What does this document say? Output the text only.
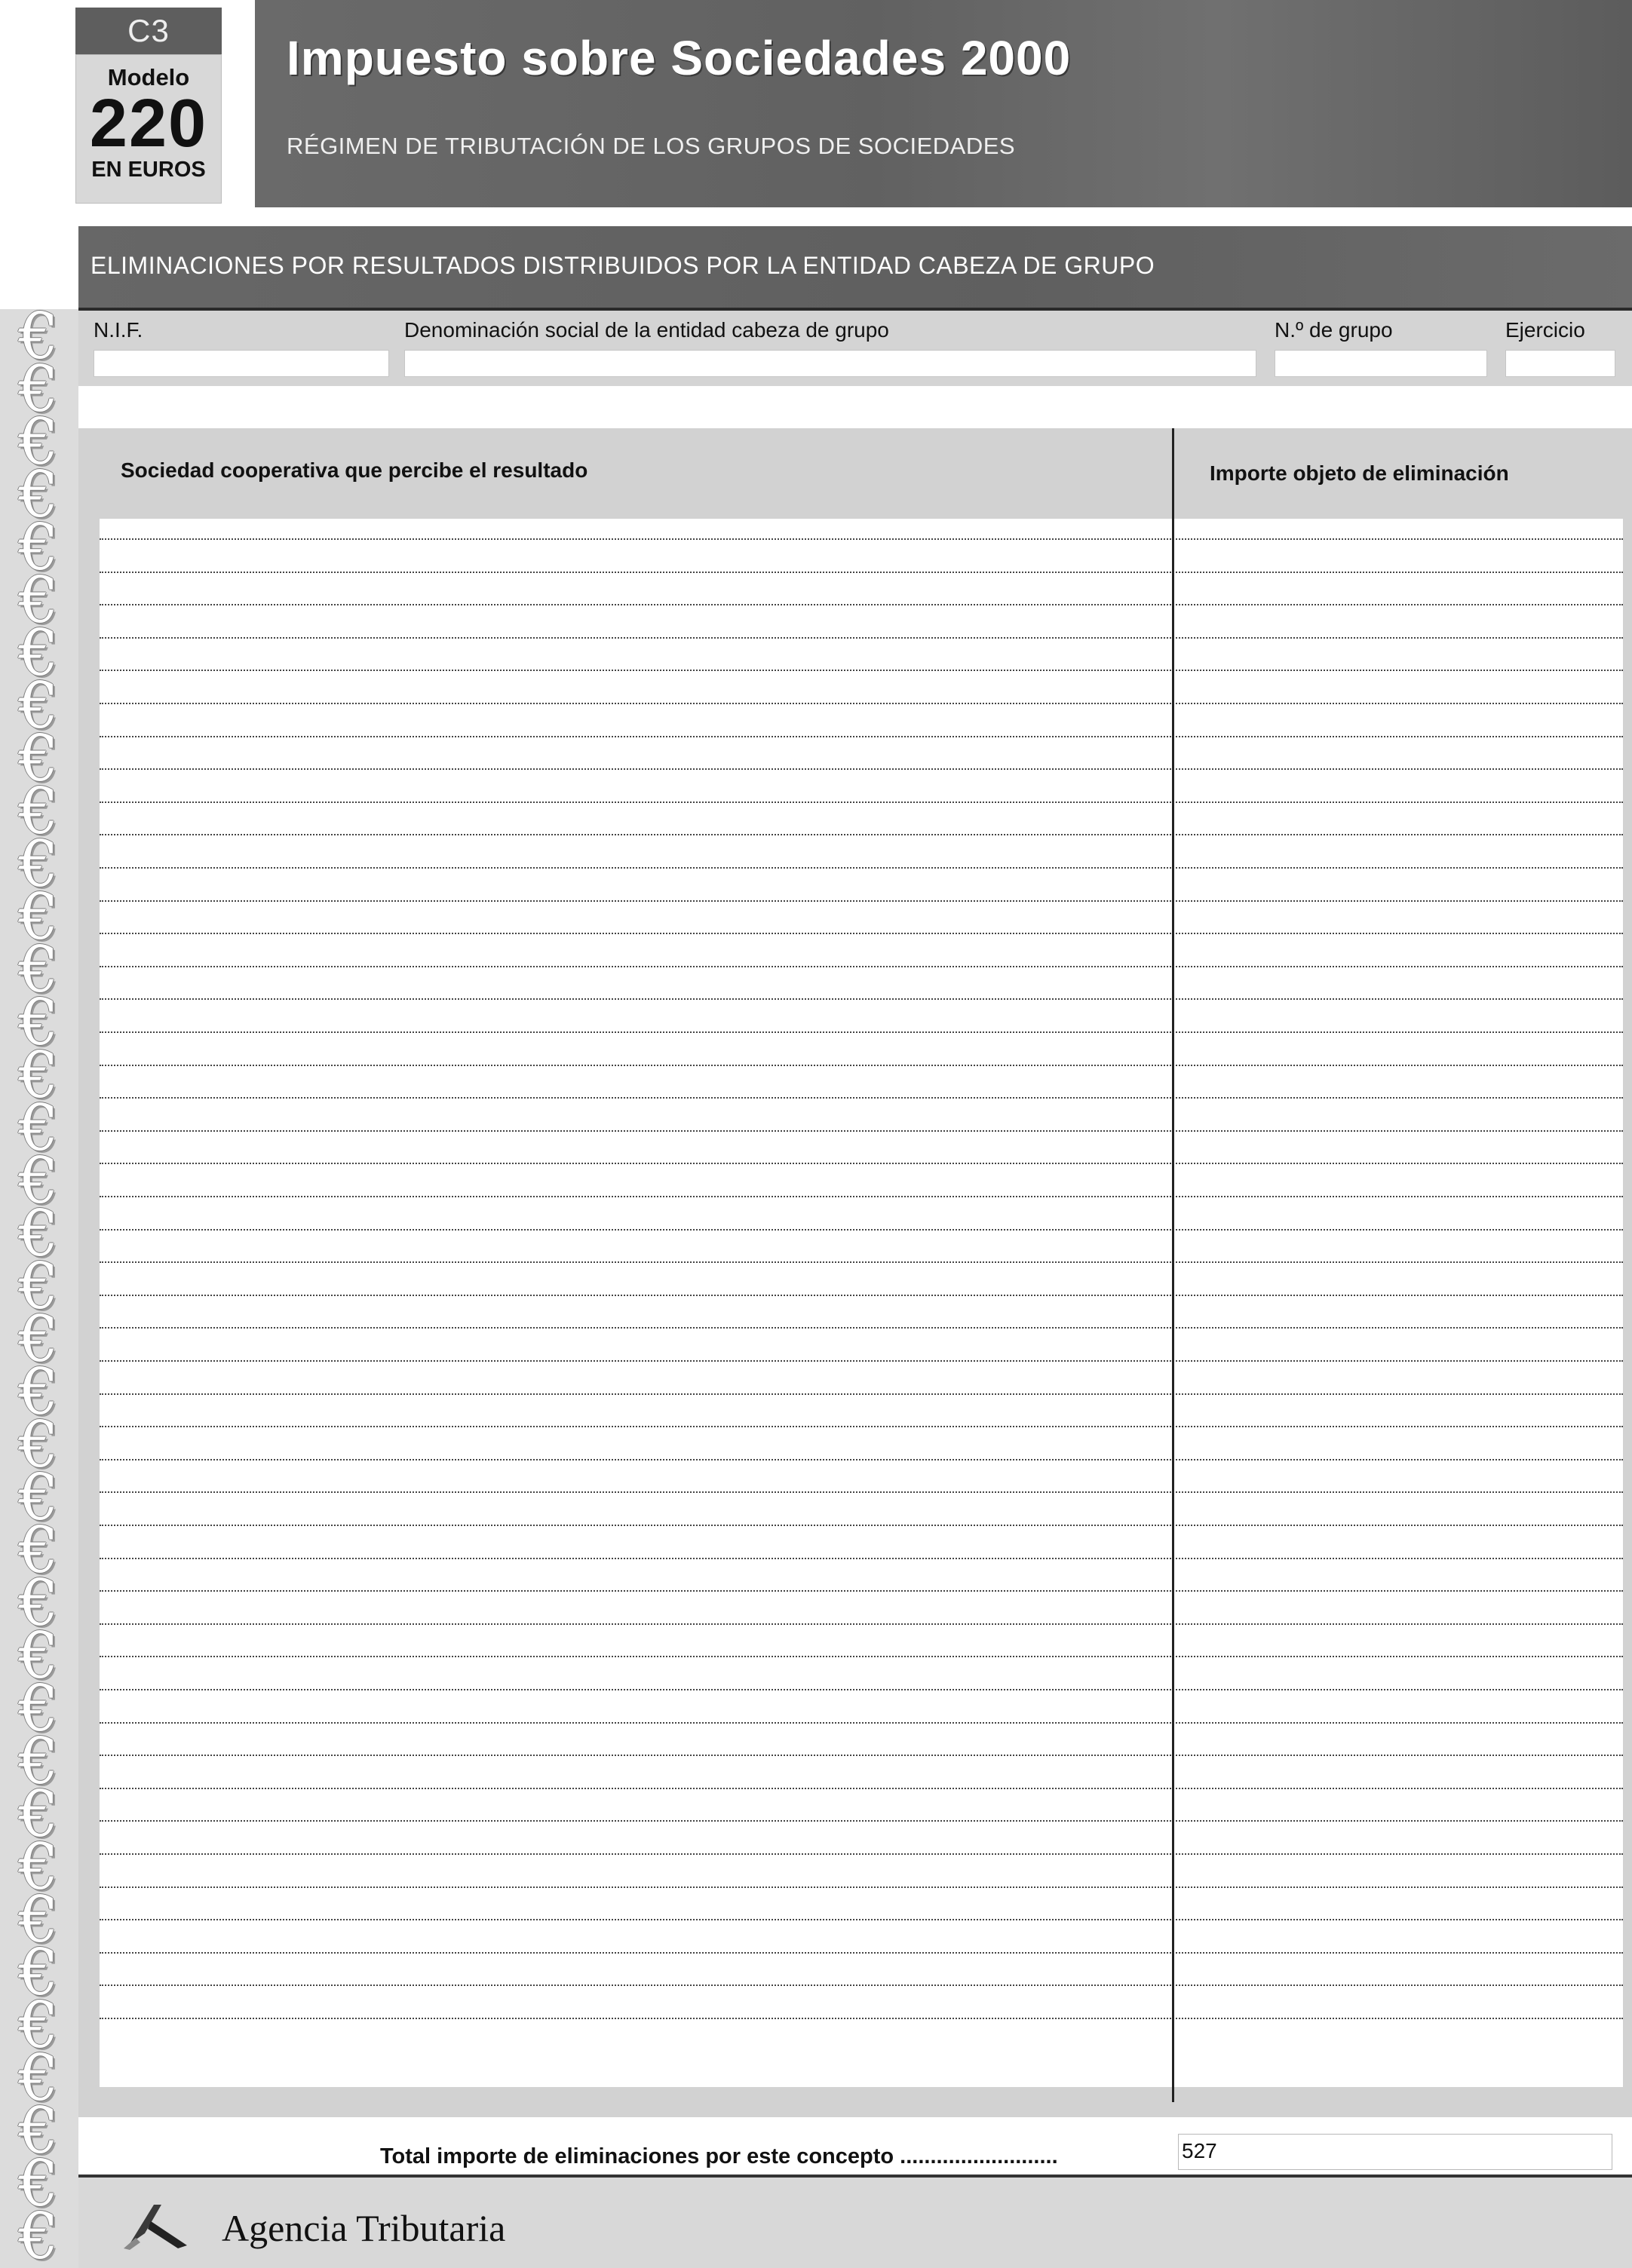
€
€
€
€
€
€
€
€
€
€
€
€
€
€
€
€
€
€
€
€
€
€
€
€
€
€
€
€
€
€
€
€
€
€
€
€
€
C3
Modelo
220
EN EUROS
Impuesto sobre Sociedades 2000
RÉGIMEN DE TRIBUTACIÓN DE LOS GRUPOS DE SOCIEDADES
ELIMINACIONES POR RESULTADOS DISTRIBUIDOS POR LA ENTIDAD CABEZA DE GRUPO
N.I.F.	Denominación social de la entidad cabeza de grupo	N.º de grupo	Ejercicio
Sociedad cooperativa que percibe el resultado	Importe objeto de eliminación
Total importe de eliminaciones por este concepto ..........................	527
Agencia Tributaria
